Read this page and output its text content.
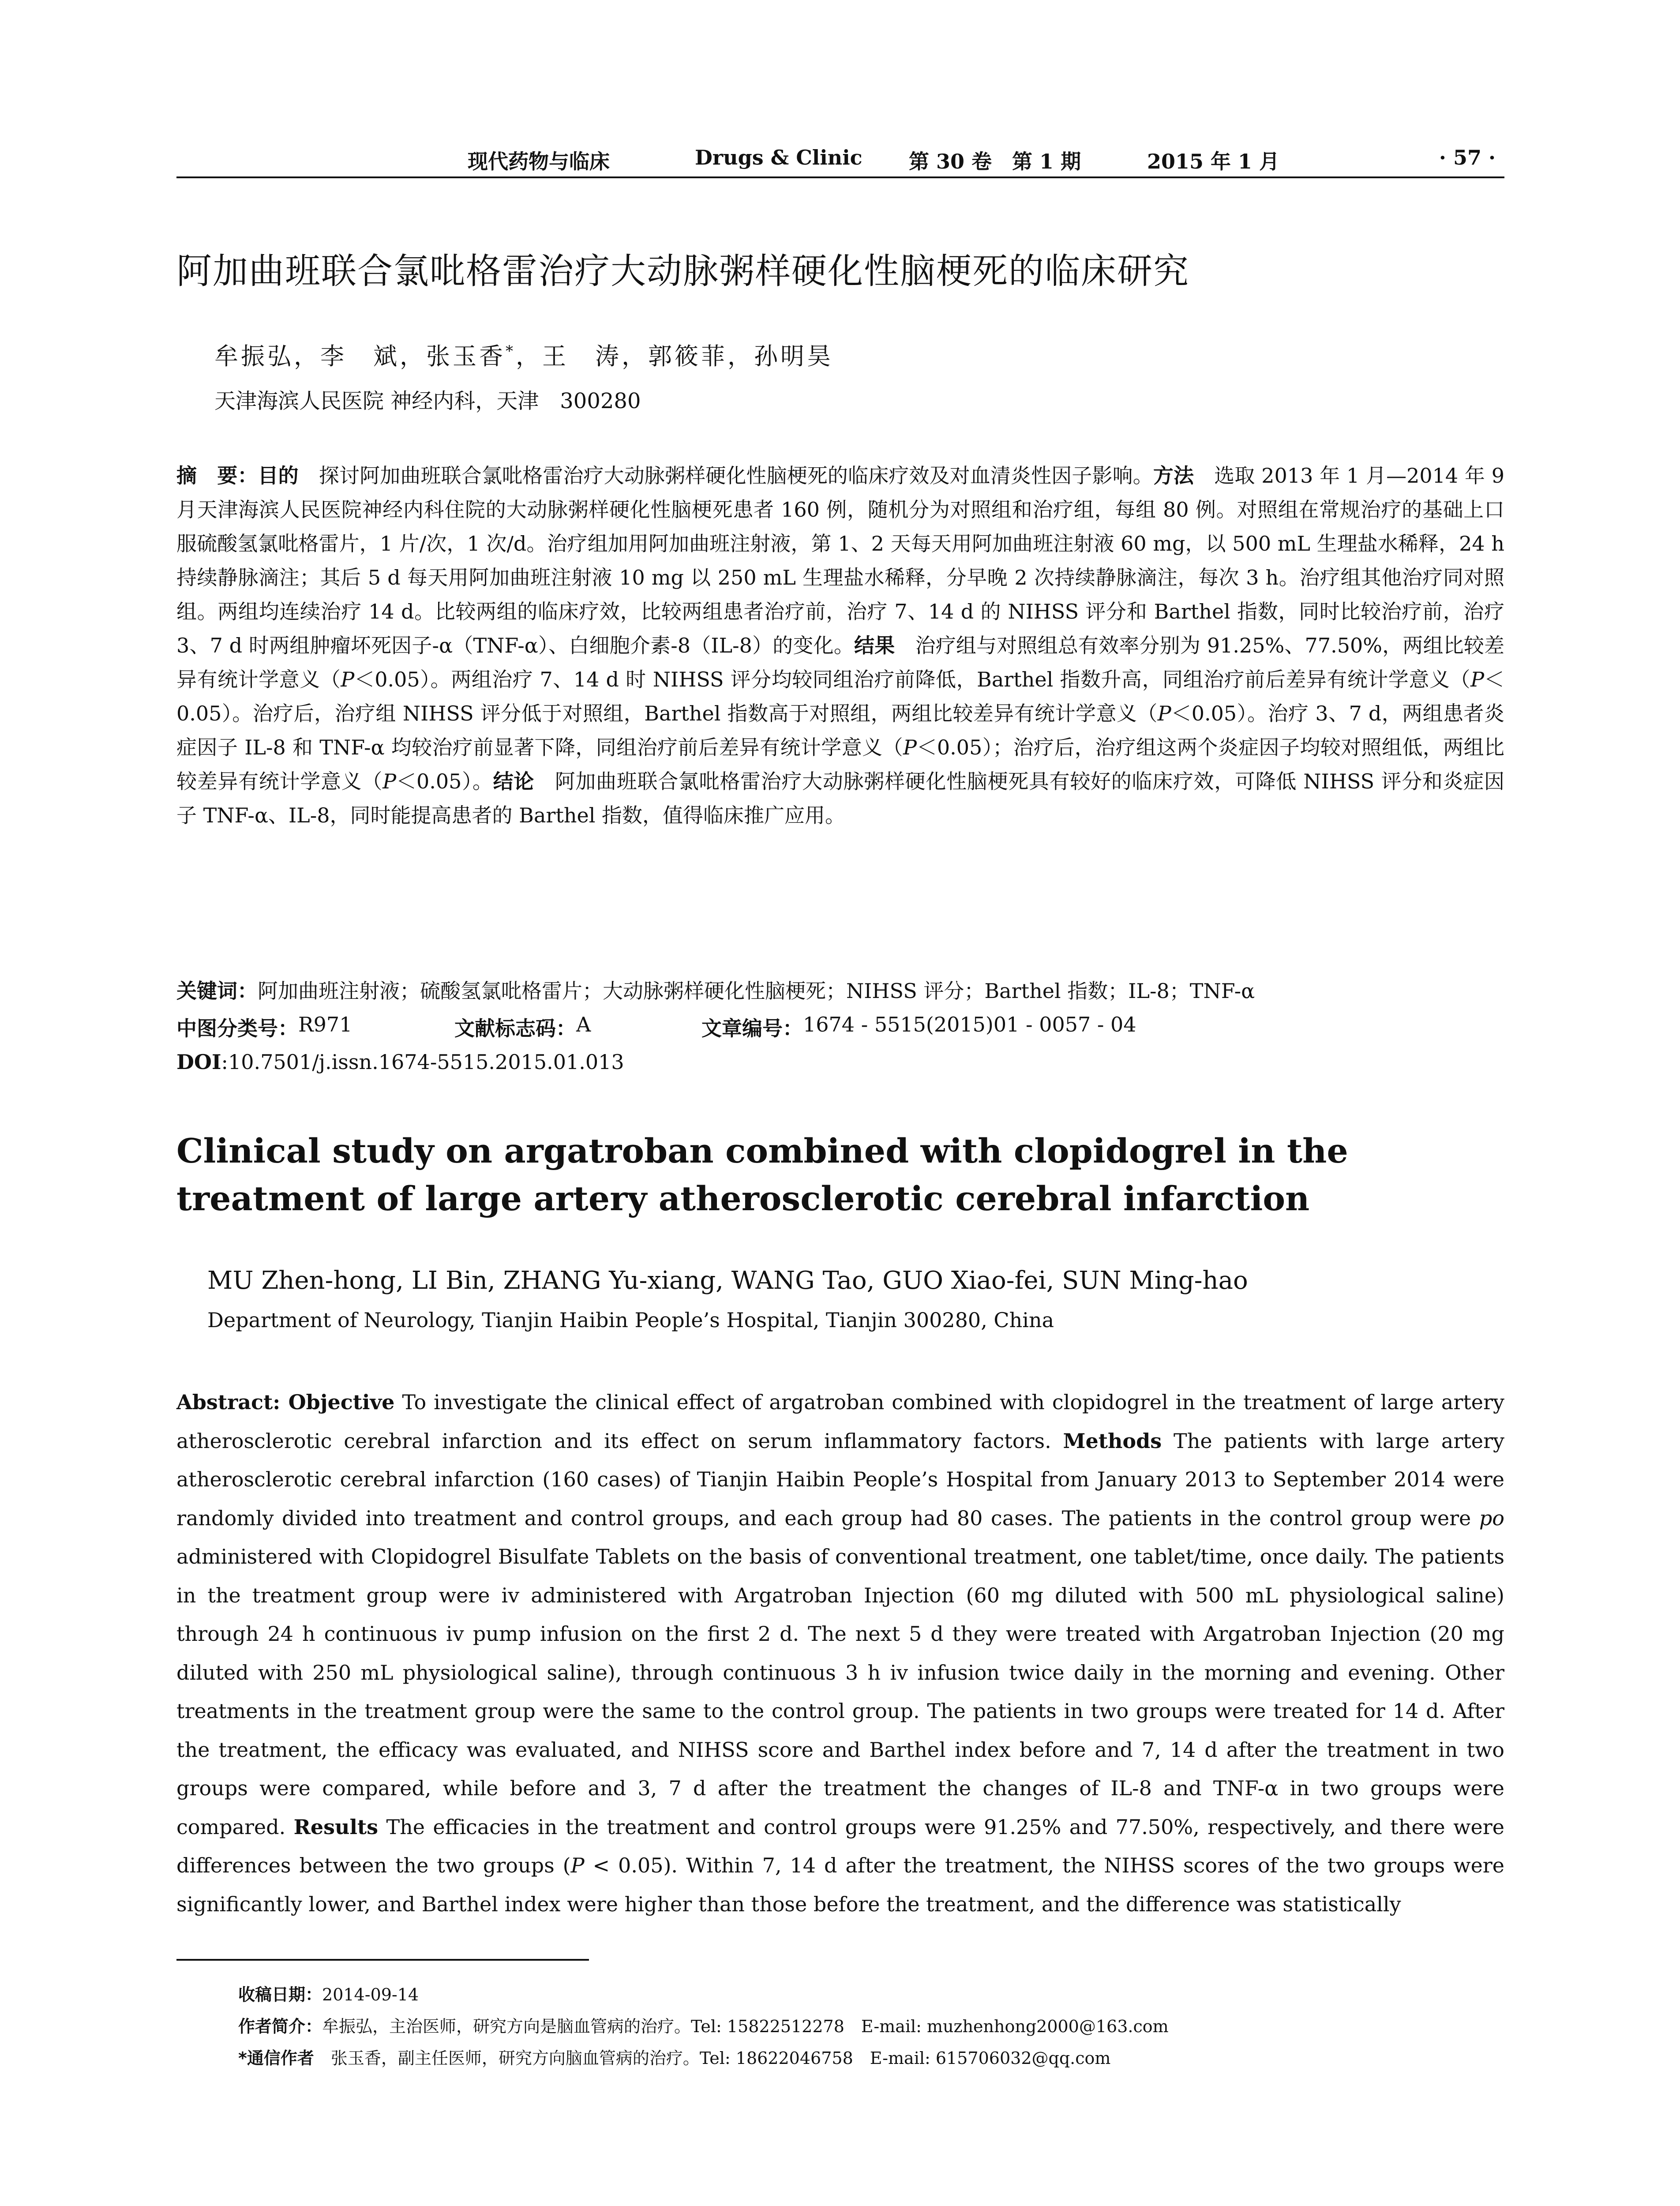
现代药物与临床	Drugs & Clinic 第 30 卷　第 1 期	2015 年 1 月	· 57 ·
阿加曲班联合氯吡格雷治疗大动脉粥样硬化性脑梗死的临床研究
牟振弘，李　斌，张玉香*，王　涛，郭筱菲，孙明昊
天津海滨人民医院 神经内科，天津　300280
摘　要：目的　探讨阿加曲班联合氯吡格雷治疗大动脉粥样硬化性脑梗死的临床疗效及对血清炎性因子影响。方法　选取 2013 年 1 月—2014 年 9 月天津海滨人民医院神经内科住院的大动脉粥样硬化性脑梗死患者 160 例，随机分为对照组和治疗组，每组 80 例。对照组在常规治疗的基础上口服硫酸氢氯吡格雷片，1 片/次，1 次/d。治疗组加用阿加曲班注射液，第 1、2 天每天用阿加曲班注射液 60 mg，以 500 mL 生理盐水稀释，24 h 持续静脉滴注；其后 5 d 每天用阿加曲班注射液 10 mg 以 250 mL 生理盐水稀释，分早晚 2 次持续静脉滴注，每次 3 h。治疗组其他治疗同对照组。两组均连续治疗 14 d。比较两组的临床疗效，比较两组患者治疗前，治疗 7、14 d 的 NIHSS 评分和 Barthel 指数，同时比较治疗前，治疗 3、7 d 时两组肿瘤坏死因子-α（TNF-α）、白细胞介素-8（IL-8）的变化。结果　治疗组与对照组总有效率分别为 91.25%、77.50%，两组比较差异有统计学意义（P＜0.05）。两组治疗 7、14 d 时 NIHSS 评分均较同组治疗前降低，Barthel 指数升高，同组治疗前后差异有统计学意义（P＜0.05）。治疗后，治疗组 NIHSS 评分低于对照组，Barthel 指数高于对照组，两组比较差异有统计学意义（P＜0.05）。治疗 3、7 d，两组患者炎症因子 IL-8 和 TNF-α 均较治疗前显著下降，同组治疗前后差异有统计学意义（P＜0.05）；治疗后，治疗组这两个炎症因子均较对照组低，两组比较差异有统计学意义（P＜0.05）。结论　阿加曲班联合氯吡格雷治疗大动脉粥样硬化性脑梗死具有较好的临床疗效，可降低 NIHSS 评分和炎症因子 TNF-α、IL-8，同时能提高患者的 Barthel 指数，值得临床推广应用。
关键词：阿加曲班注射液；硫酸氢氯吡格雷片；大动脉粥样硬化性脑梗死；NIHSS 评分；Barthel 指数；IL-8；TNF-α
中图分类号： R971	文献标志码： A	文章编号： 1674 - 5515(2015)01 - 0057 - 04
DOI:10.7501/j.issn.1674-5515.2015.01.013
Clinical study on argatroban combined with clopidogrel in the treatment of large artery atherosclerotic cerebral infarction
MU Zhen-hong, LI Bin, ZHANG Yu-xiang, WANG Tao, GUO Xiao-fei, SUN Ming-hao
Department of Neurology, Tianjin Haibin People’s Hospital, Tianjin 300280, China
Abstract: Objective To investigate the clinical effect of argatroban combined with clopidogrel in the treatment of large artery atherosclerotic cerebral infarction and its effect on serum inflammatory factors. Methods The patients with large artery atherosclerotic cerebral infarction (160 cases) of Tianjin Haibin People’s Hospital from January 2013 to September 2014 were randomly divided into treatment and control groups, and each group had 80 cases. The patients in the control group were po administered with Clopidogrel Bisulfate Tablets on the basis of conventional treatment, one tablet/time, once daily. The patients in the treatment group were iv administered with Argatroban Injection (60 mg diluted with 500 mL physiological saline) through 24 h continuous iv pump infusion on the first 2 d. The next 5 d they were treated with Argatroban Injection (20 mg diluted with 250 mL physiological saline), through continuous 3 h iv infusion twice daily in the morning and evening. Other treatments in the treatment group were the same to the control group. The patients in two groups were treated for 14 d. After the treatment, the efficacy was evaluated, and NIHSS score and Barthel index before and 7, 14 d after the treatment in two groups were compared, while before and 3, 7 d after the treatment the changes of IL-8 and TNF-α in two groups were compared. Results The efficacies in the treatment and control groups were 91.25% and 77.50%, respectively, and there were differences between the two groups (P < 0.05). Within 7, 14 d after the treatment, the NIHSS scores of the two groups were significantly lower, and Barthel index were higher than those before the treatment, and the difference was statistically
收稿日期：2014-09-14
作者简介：牟振弘，主治医师，研究方向是脑血管病的治疗。Tel: 15822512278　E-mail: muzhenhong2000@163.com
*通信作者　张玉香，副主任医师，研究方向脑血管病的治疗。Tel: 18622046758　E-mail: 615706032@qq.com
